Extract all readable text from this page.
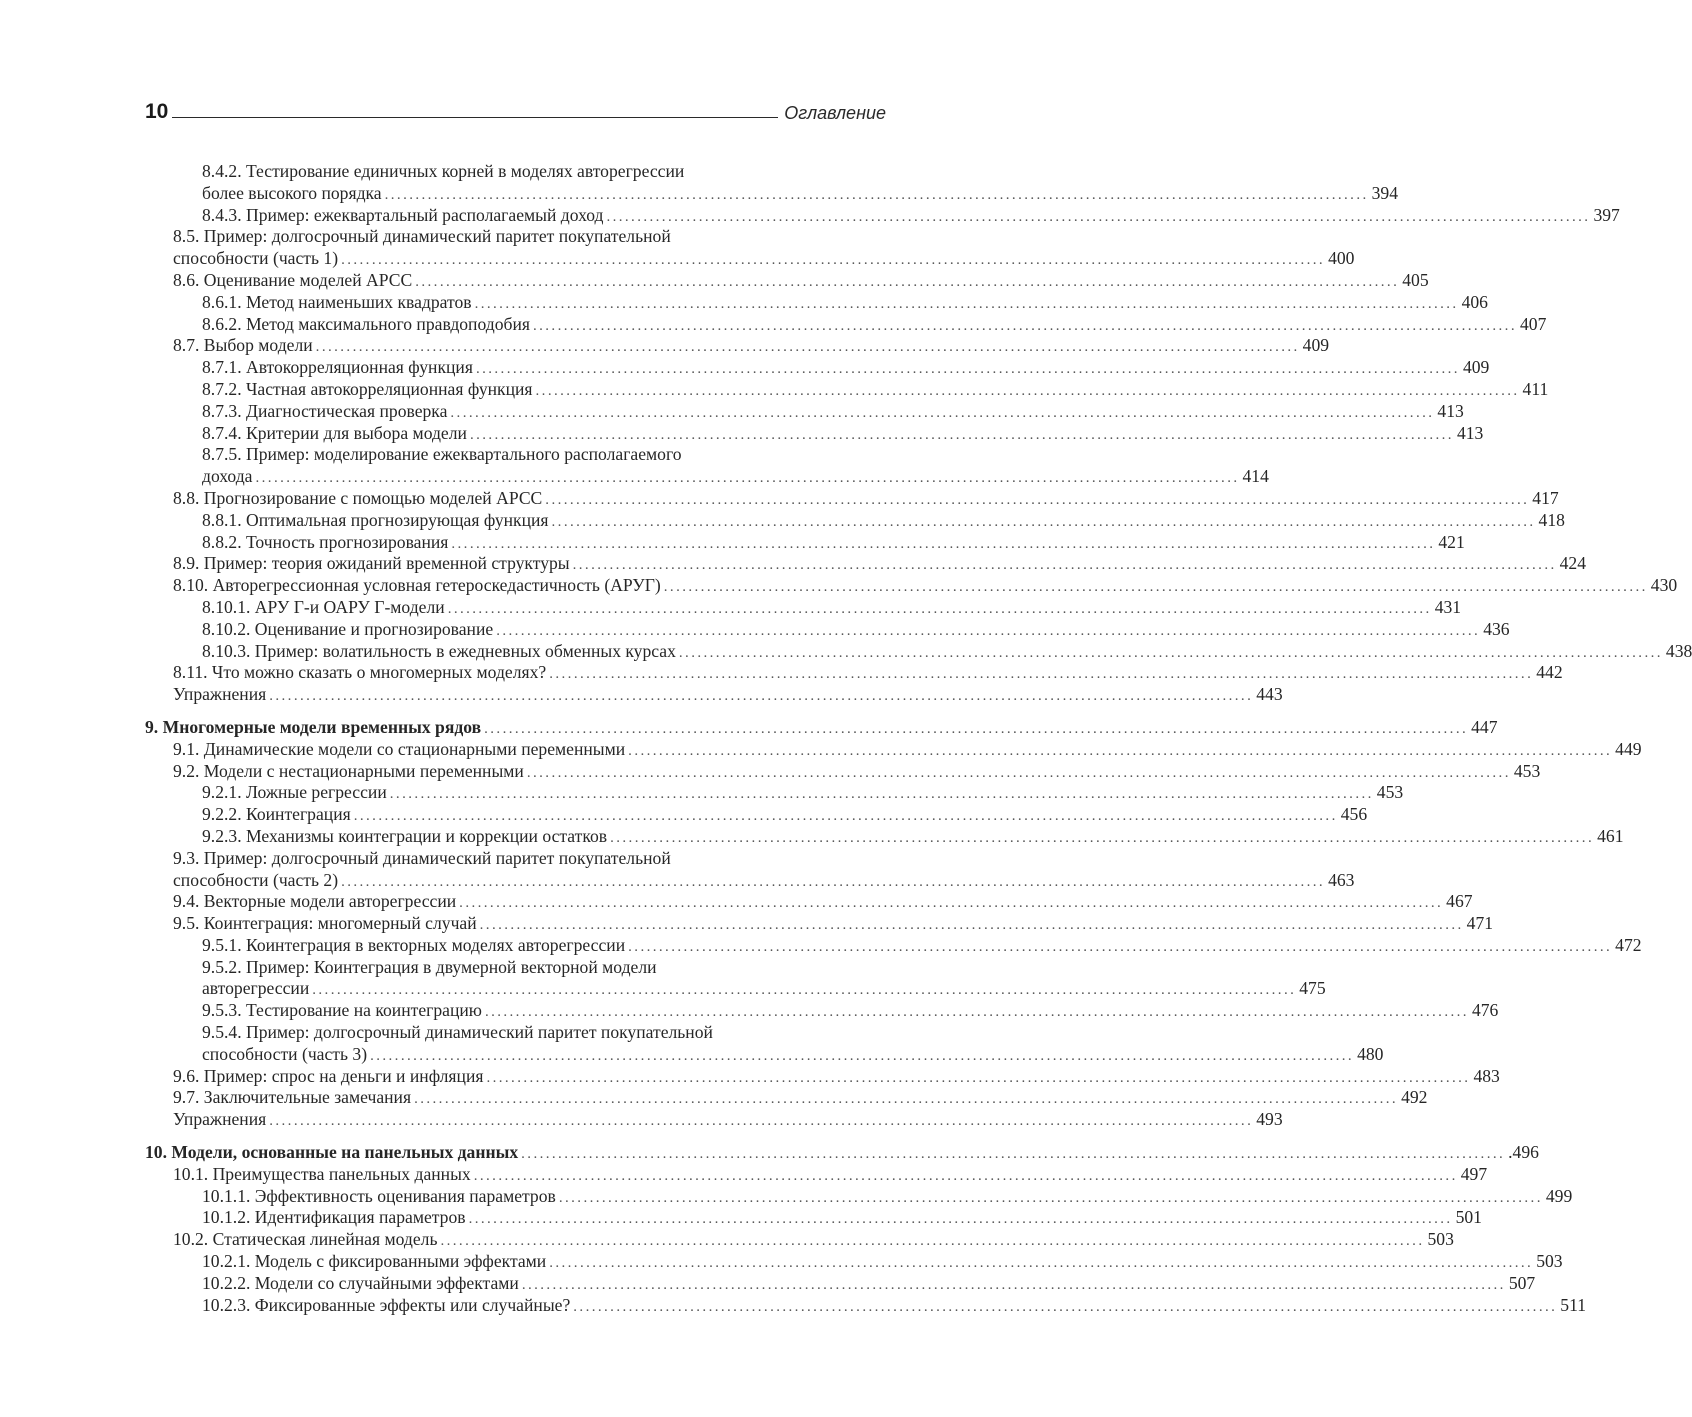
10	Оглавление
8.4.2. Тестирование единичных корней в моделях авторегрессии
более высокого порядка ................................................................................................................................................................ 394
8.4.3. Пример: ежеквартальный располагаемый доход ................................................................................................................................................................ 397
8.5. Пример: долгосрочный динамический паритет покупательной
способности (часть 1) ................................................................................................................................................................ 400
8.6. Оценивание моделей АРСС ................................................................................................................................................................ 405
8.6.1. Метод наименьших квадратов ................................................................................................................................................................ 406
8.6.2. Метод максимального правдоподобия ................................................................................................................................................................ 407
8.7. Выбор модели ................................................................................................................................................................ 409
8.7.1. Автокорреляционная функция ................................................................................................................................................................ 409
8.7.2. Частная автокорреляционная функция ................................................................................................................................................................ 411
8.7.3. Диагностическая проверка ................................................................................................................................................................ 413
8.7.4. Критерии для выбора модели ................................................................................................................................................................ 413
8.7.5. Пример: моделирование ежеквартального располагаемого
дохода ................................................................................................................................................................ 414
8.8. Прогнозирование с помощью моделей АРСС ................................................................................................................................................................ 417
8.8.1. Оптимальная прогнозирующая функция ................................................................................................................................................................ 418
8.8.2. Точность прогнозирования ................................................................................................................................................................ 421
8.9. Пример: теория ожиданий временной структуры ................................................................................................................................................................ 424
8.10. Авторегрессионная условная гетероскедастичность (АРУГ) ................................................................................................................................................................ 430
8.10.1. АРУ Г-и ОАРУ Г-модели ................................................................................................................................................................ 431
8.10.2. Оценивание и прогнозирование ................................................................................................................................................................ 436
8.10.3. Пример: волатильность в ежедневных обменных курсах ................................................................................................................................................................ 438
8.11. Что можно сказать о многомерных моделях? ................................................................................................................................................................ 442
Упражнения ................................................................................................................................................................ 443
9. Многомерные модели временных рядов ................................................................................................................................................................ 447
9.1. Динамические модели со стационарными переменными ................................................................................................................................................................ 449
9.2. Модели с нестационарными переменными ................................................................................................................................................................ 453
9.2.1. Ложные регрессии ................................................................................................................................................................ 453
9.2.2. Коинтеграция ................................................................................................................................................................ 456
9.2.3. Механизмы коинтеграции и коррекции остатков ................................................................................................................................................................ 461
9.3. Пример: долгосрочный динамический паритет покупательной
способности (часть 2) ................................................................................................................................................................ 463
9.4. Векторные модели авторегрессии ................................................................................................................................................................ 467
9.5. Коинтеграция: многомерный случай ................................................................................................................................................................ 471
9.5.1. Коинтеграция в векторных моделях авторегрессии ................................................................................................................................................................ 472
9.5.2. Пример: Коинтеграция в двумерной векторной модели
авторегрессии ................................................................................................................................................................ 475
9.5.3. Тестирование на коинтеграцию ................................................................................................................................................................ 476
9.5.4. Пример: долгосрочный динамический паритет покупательной
способности (часть 3) ................................................................................................................................................................ 480
9.6. Пример: спрос на деньги и инфляция ................................................................................................................................................................ 483
9.7. Заключительные замечания ................................................................................................................................................................ 492
Упражнения ................................................................................................................................................................ 493
10. Модели, основанные на панельных данных ................................................................................................................................................................ .496
10.1. Преимущества панельных данных ................................................................................................................................................................ 497
10.1.1. Эффективность оценивания параметров ................................................................................................................................................................ 499
10.1.2. Идентификация параметров ................................................................................................................................................................ 501
10.2. Статическая линейная модель ................................................................................................................................................................ 503
10.2.1. Модель с фиксированными эффектами ................................................................................................................................................................ 503
10.2.2. Модели со случайными эффектами ................................................................................................................................................................ 507
10.2.3. Фиксированные эффекты или случайные? ................................................................................................................................................................ 511
